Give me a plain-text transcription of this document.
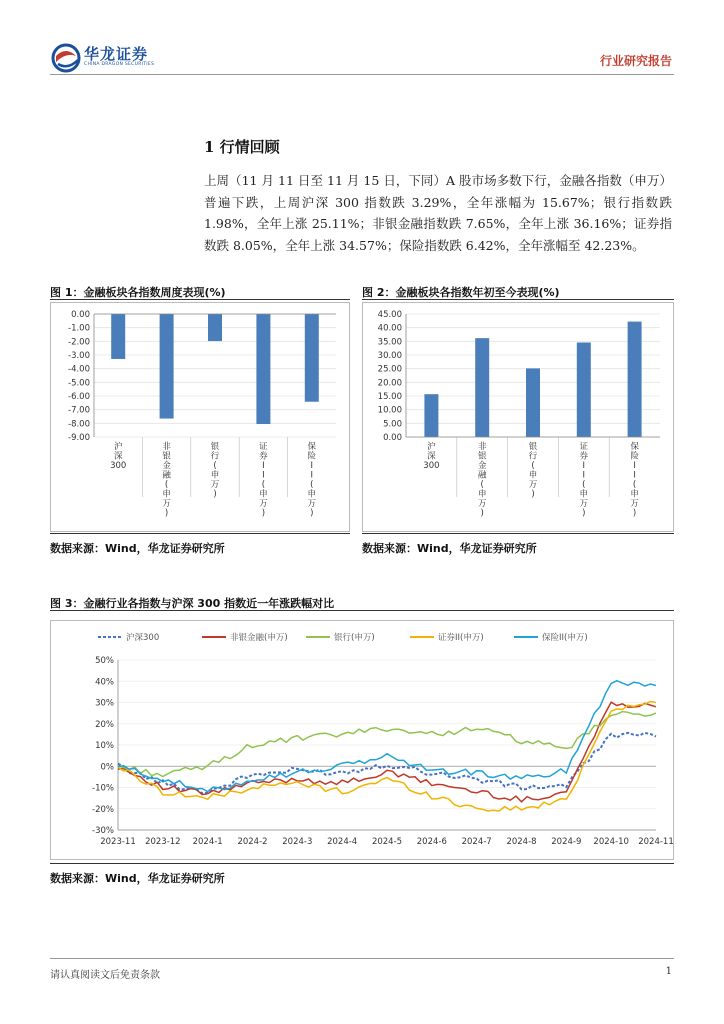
华龙证券
CHINA DRAGON SECURITIES	行业研究报告
1 行情回顾
上周（11 月 11 日至 11 月 15 日，下同）A 股市场多数下行，金融各指数（申万）普遍下跌，上周沪深 300 指数跌 3.29%，全年涨幅为 15.67%；银行指数跌 1.98%，全年上涨 25.11%；非银金融指数跌 7.65%，全年上涨 36.16%；证券指数跌 8.05%，全年上涨 34.57%；保险指数跌 6.42%，全年涨幅至 42.23%。
图 1：金融板块各指数周度表现(%)
0.00
-1.00
-2.00
-3.00
-4.00
-5.00
-6.00
-7.00
-8.00
-9.00
沪深 300
非银金融(申万)
银行(申万)
证券 I I (申万)
保险 I I (申万)
数据来源：Wind，华龙证券研究所
图 2：金融板块各指数年初至今表现(%)
45.00
40.00
35.00
30.00
25.00
20.00
15.00
10.00
5.00
0.00
沪深 300
非银金融(申万)
银行(申万)
证券 I I (申万)
保险 I I (申万)
数据来源：Wind，华龙证券研究所
图 3：金融行业各指数与沪深 300 指数近一年涨跌幅对比
沪深300	非银金融(申万)	银行(申万)	证券II(申万)	保险II(申万)
50%
40%
30%
20%
10%
0%
-10%
-20%
-30%
2023-11 2023-12 2024-1 2024-2 2024-3 2024-4 2024-5 2024-6 2024-7 2024-8 2024-9 2024-10 2024-11
数据来源：Wind，华龙证券研究所
请认真阅读文后免责条款	1
